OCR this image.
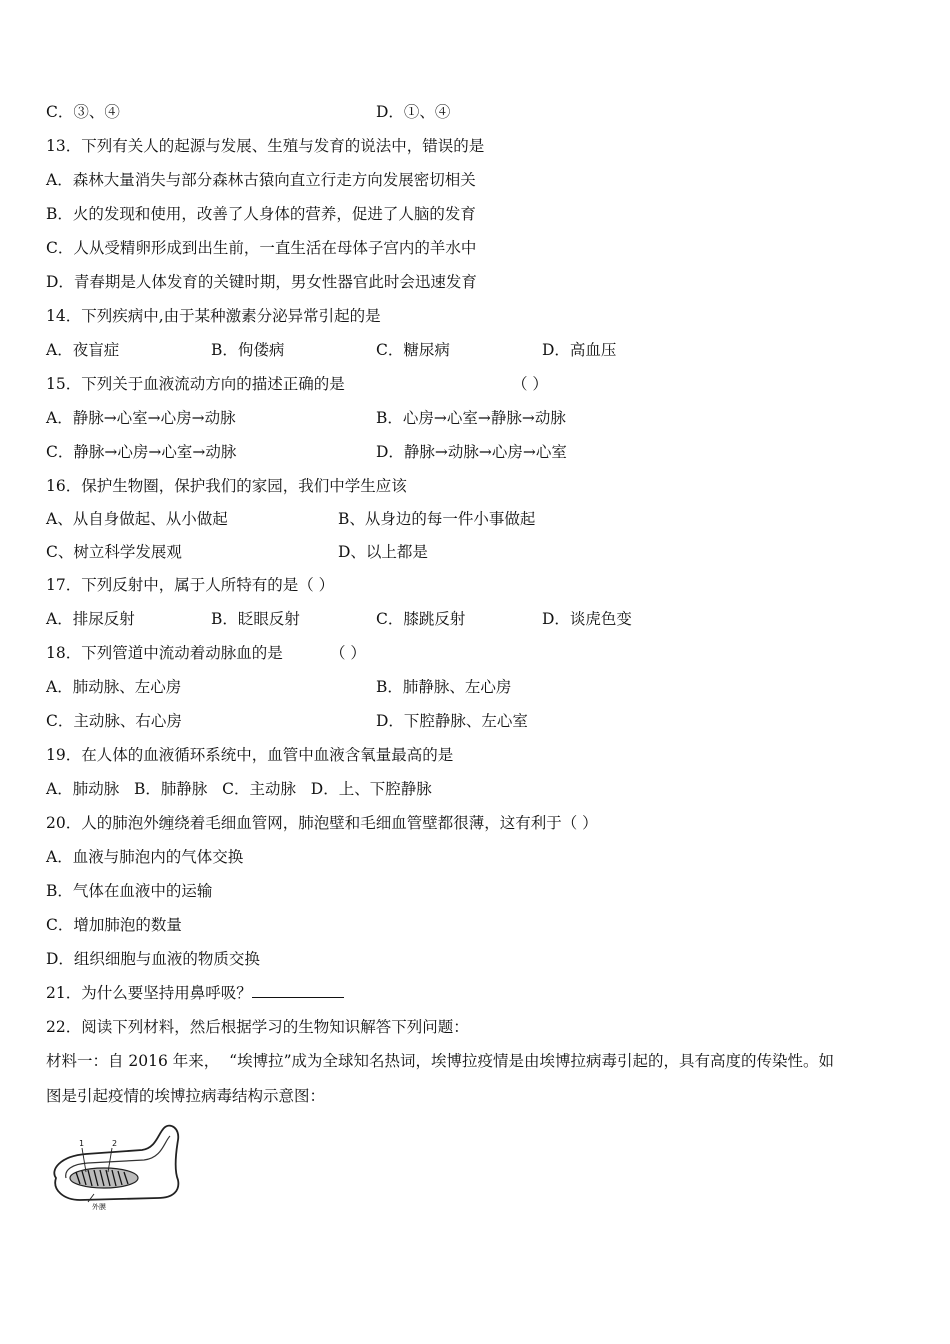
C．③、④	D．①、④
13．下列有关人的起源与发展、生殖与发育的说法中，错误的是
A．森林大量消失与部分森林古猿向直立行走方向发展密切相关
B．火的发现和使用，改善了人身体的营养，促进了人脑的发育
C．人从受精卵形成到出生前，一直生活在母体子宫内的羊水中
D．青春期是人体发育的关键时期，男女性器官此时会迅速发育
14．下列疾病中,由于某种激素分泌异常引起的是
A．夜盲症	B．佝偻病	C．糖尿病	D．高血压
15．下列关于血液流动方向的描述正确的是	（ ）
A．静脉→心室→心房→动脉	B．心房→心室→静脉→动脉
C．静脉→心房→心室→动脉	D．静脉→动脉→心房→心室
16．保护生物圈，保护我们的家园，我们中学生应该
A、从自身做起、从小做起	B、从身边的每一件小事做起
C、树立科学发展观	D、以上都是
17．下列反射中，属于人所特有的是（ ）
A．排尿反射	B．眨眼反射	C．膝跳反射	D．谈虎色变
18．下列管道中流动着动脉血的是	（ ）
A．肺动脉、左心房	B．肺静脉、左心房
C．主动脉、右心房	D．下腔静脉、左心室
19．在人体的血液循环系统中，血管中血液含氧量最高的是
A．肺动脉   B．肺静脉   C．主动脉   D．上、下腔静脉
20．人的肺泡外缠绕着毛细血管网，肺泡壁和毛细血管壁都很薄，这有利于（ ）
A．血液与肺泡内的气体交换
B．气体在血液中的运输
C．增加肺泡的数量
D．组织细胞与血液的物质交换
21．为什么要坚持用鼻呼吸？
22．阅读下列材料，然后根据学习的生物知识解答下列问题：
材料一：自 2016 年来，  “埃博拉”成为全球知名热词，埃博拉疫情是由埃博拉病毒引起的，具有高度的传染性。如
图是引起疫情的埃博拉病毒结构示意图：
1	2
外膜
